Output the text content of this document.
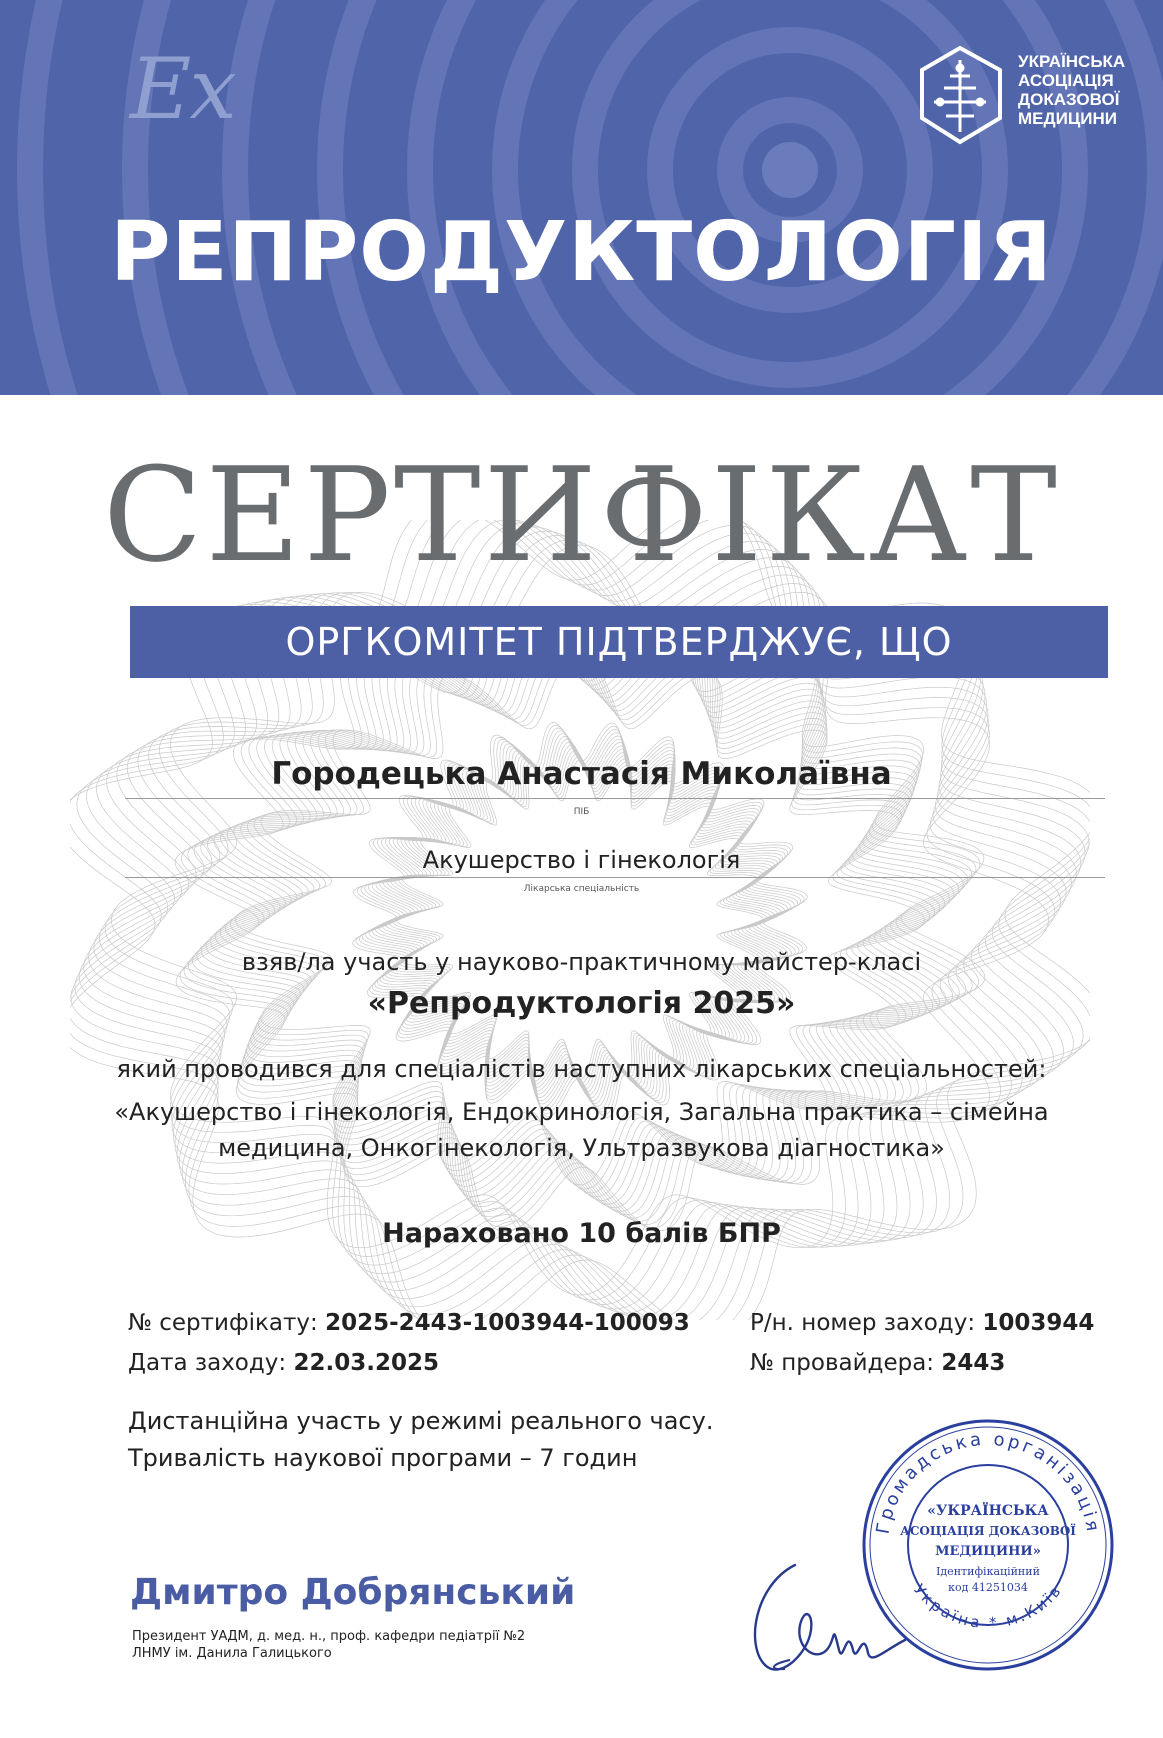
Ex	УКРАЇНСЬКА
АСОЦІАЦІЯ
ДОКАЗОВОЇ
МЕДИЦИНИ
РЕПРОДУКТОЛОГІЯ
СЕРТИФІКАТ
ОРГКОМІТЕТ ПІДТВЕРДЖУЄ, ЩО
Городецька Анастасія Миколаївна
ПІБ
Акушерство і гінекологія
Лікарська спеціальність
взяв/ла участь у науково-практичному майстер-класі
«Репродуктологія 2025»
який проводився для спеціалістів наступних лікарських спеціальностей:
«Акушерство і гінекологія, Ендокринологія, Загальна практика – сімейна
медицина, Онкогінекологія, Ультразвукова діагностика»
Нараховано 10 балів БПР
№ сертифікату: 2025-2443-1003944-100093	Р/н. номер заходу: 1003944
Дата заходу: 22.03.2025	№ провайдера: 2443
Дистанційна участь у режимі реального часу.
Тривалість наукової програми – 7 годин
Громадська організація
Україна * м.Київ
«УКРАЇНСЬКА
АСОЦІАЦІЯ ДОКАЗОВОЇ
МЕДИЦИНИ»
Ідентифікаційний
код 41251034
Дмитро Добрянський
Президент УАДМ, д. мед. н., проф. кафедри педіатрії №2
ЛНМУ ім. Данила Галицького
